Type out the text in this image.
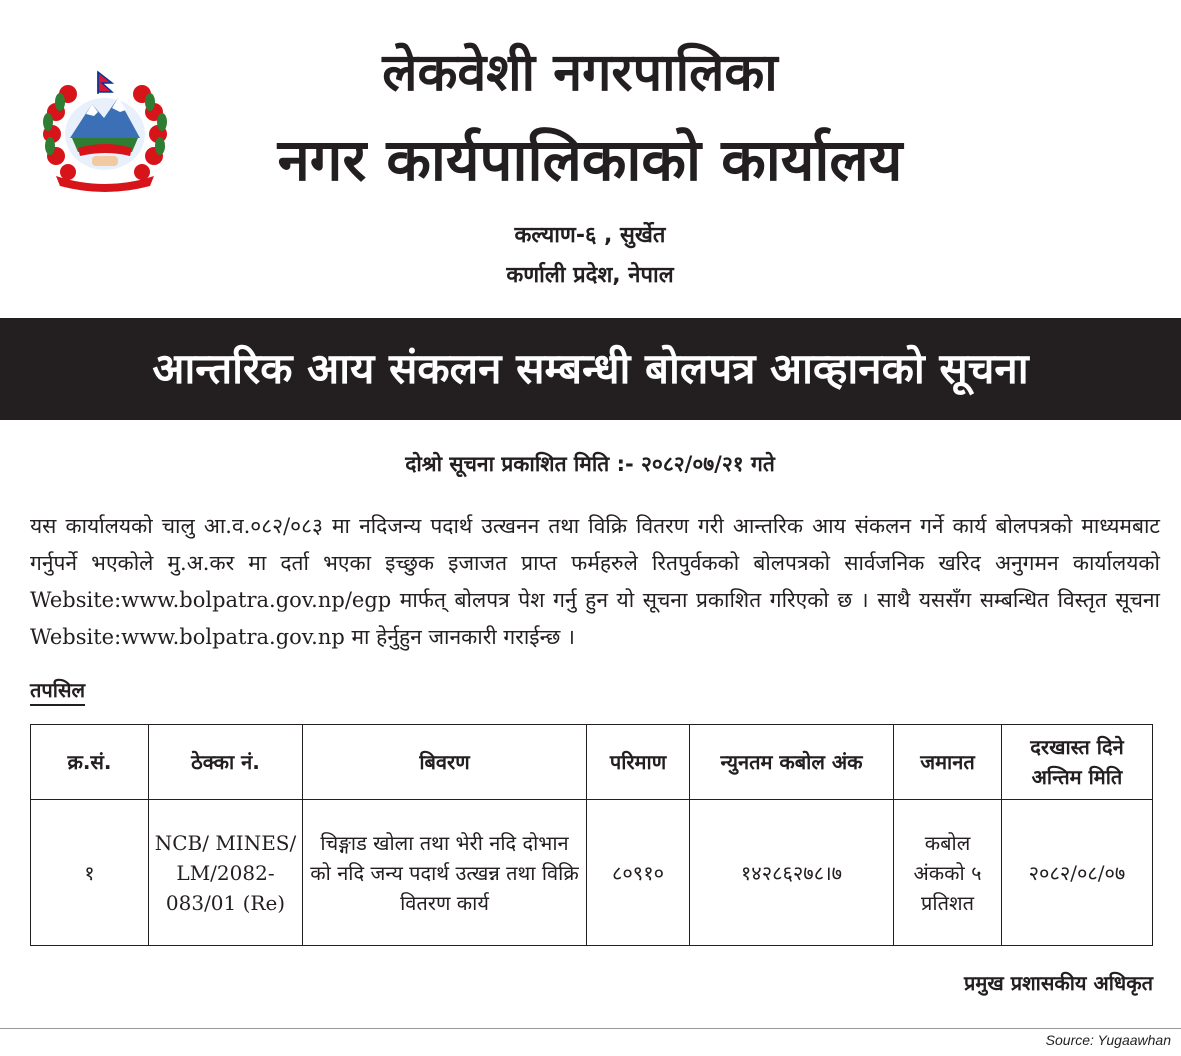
लेकवेशी नगरपालिका
नगर कार्यपालिकाको कार्यालय
कल्याण-६ , सुर्खेत
कर्णाली प्रदेश, नेपाल
आन्तरिक आय संकलन सम्बन्धी बोलपत्र आव्हानको सूचना
दोश्रो सूचना प्रकाशित मिति :- २०८२/०७/२१ गते
यस कार्यालयको चालु आ.व.०८२/०८३ मा नदिजन्य पदार्थ उत्खनन तथा विक्रि वितरण गरी आन्तरिक आय संकलन गर्ने कार्य बोलपत्रको माध्यमबाट गर्नुपर्ने भएकोले मु.अ.कर मा दर्ता भएका इच्छुक इजाजत प्राप्त फर्महरुले रितपुर्वकको बोलपत्रको सार्वजनिक खरिद अनुगमन कार्यालयको Website:www.bolpatra.gov.np/egp मार्फत् बोलपत्र पेश गर्नु हुन यो सूचना प्रकाशित गरिएको छ । साथै यससँग सम्बन्धित विस्तृत सूचना Website:www.bolpatra.gov.np मा हेर्नुहुन जानकारी गराईन्छ ।
तपसिल
क्र.सं.	ठेक्का नं.	बिवरण	परिमाण	न्युनतम कबोल अंक	जमानत	दरखास्त दिने अन्तिम मिति
१	NCB/ MINES/ LM/2082-083/01 (Re)	चिङ्गाड खोला तथा भेरी नदि दोभान को नदि जन्य पदार्थ उत्खन्न तथा विक्रि वितरण कार्य	८०९१०	१४२८६२७८।७	कबोल अंकको ५ प्रतिशत	२०८२/०८/०७
प्रमुख प्रशासकीय अधिकृत
Source: Yugaawhan
